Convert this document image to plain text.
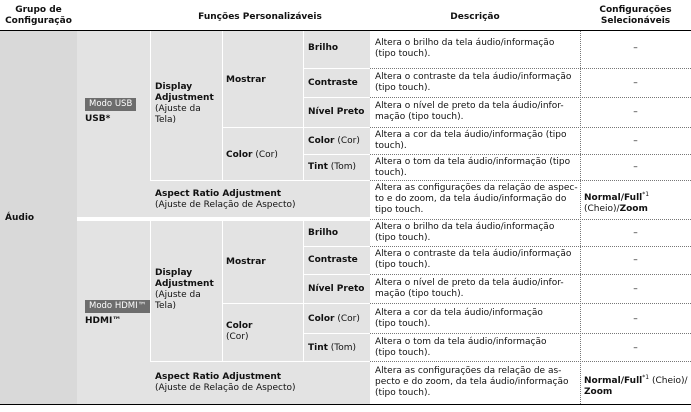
Grupo de
Configuração	Funções Personalizáveis	Descrição
Configurações
Selecionáveis
Áudio
Modo USB
USB*
Display
Adjustment
(Ajuste da
Tela)
Mostrar
Color (Cor)
Brilho
Contraste
Nível Preto
Color (Cor)
Tint (Tom)
Altera o brilho da tela áudio/informação
(tipo touch).
Altera o contraste da tela áudio/informação
(tipo touch).
Altera o nível de preto da tela áudio/infor-
mação (tipo touch).
Altera a cor da tela áudio/informação (tipo
touch).
Altera o tom da tela áudio/informação (tipo
touch).
–
–
–
–
–
Aspect Ratio Adjustment
(Ajuste de Relação de Aspecto)
Altera as configurações da relação de aspec-
to e do zoom, da tela áudio/informação do
tipo touch.
Normal/Full$^{*1}$
(Cheio)/Zoom
Modo HDMI™
HDMI™
Display
Adjustment
(Ajuste da
Tela)
Mostrar
Color
(Cor)
Brilho
Contraste
Nível Preto
Color (Cor)
Tint (Tom)
Altera o brilho da tela áudio/informação
(tipo touch).
Altera o contraste da tela áudio/informação
(tipo touch).
Altera o nível de preto da tela áudio/infor-
mação (tipo touch).
Altera a cor da tela áudio/informação
(tipo touch).
Altera o tom da tela áudio/informação
(tipo touch).
–
–
–
–
–
Aspect Ratio Adjustment
(Ajuste de Relação de Aspecto)
Altera as configurações da relação de as-
pecto e do zoom, da tela áudio/informação
(tipo touch).
Normal/Full$^{*1}$ (Cheio)/
Zoom
